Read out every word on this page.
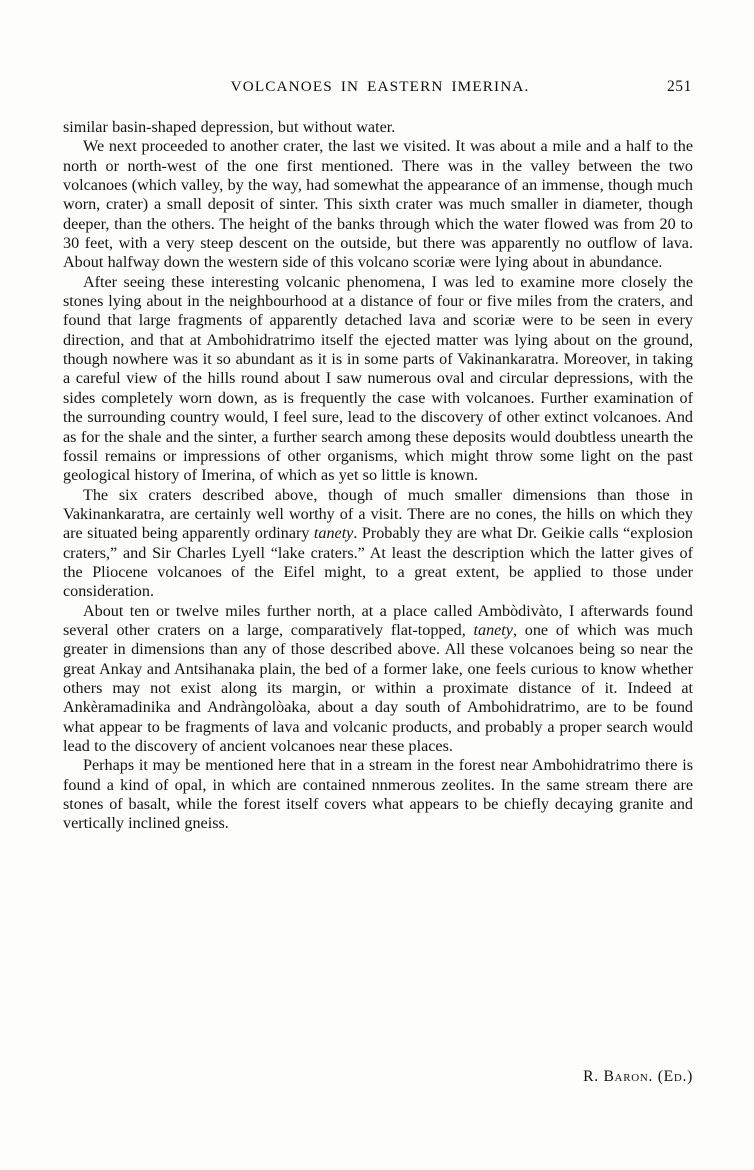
VOLCANOES IN EASTERN IMERINA.	251

similar basin-shaped depression, but without water.

We next proceeded to another crater, the last we visited. It was about a mile and a half to the north or north-west of the one first mentioned. There was in the valley between the two volcanoes (which valley, by the way, had somewhat the appearance of an immense, though much worn, crater) a small deposit of sinter. This sixth crater was much smaller in diameter, though deeper, than the others. The height of the banks through which the water flowed was from 20 to 30 feet, with a very steep descent on the outside, but there was apparently no outflow of lava. About halfway down the western side of this volcano scoriæ were lying about in abundance.

After seeing these interesting volcanic phenomena, I was led to examine more closely the stones lying about in the neighbourhood at a distance of four or five miles from the craters, and found that large fragments of apparently detached lava and scoriæ were to be seen in every direction, and that at Ambohidratrimo itself the ejected matter was lying about on the ground, though nowhere was it so abundant as it is in some parts of Vakinankaratra. Moreover, in taking a careful view of the hills round about I saw numerous oval and circular depressions, with the sides completely worn down, as is frequently the case with volcanoes. Further examination of the surrounding country would, I feel sure, lead to the discovery of other extinct volcanoes. And as for the shale and the sinter, a further search among these deposits would doubtless unearth the fossil remains or impressions of other organisms, which might throw some light on the past geological history of Imerina, of which as yet so little is known.

The six craters described above, though of much smaller dimensions than those in Vakinankaratra, are certainly well worthy of a visit. There are no cones, the hills on which they are situated being apparently ordinary tanety. Probably they are what Dr. Geikie calls “explosion craters,” and Sir Charles Lyell “lake craters.” At least the description which the latter gives of the Pliocene volcanoes of the Eifel might, to a great extent, be applied to those under consideration.

About ten or twelve miles further north, at a place called Ambòdivàto, I afterwards found several other craters on a large, comparatively flat-topped, tanety, one of which was much greater in dimensions than any of those described above. All these volcanoes being so near the great Ankay and Antsihanaka plain, the bed of a former lake, one feels curious to know whether others may not exist along its margin, or within a proximate distance of it. Indeed at Ankèramadinika and Andràngolòaka, about a day south of Ambohidratrimo, are to be found what appear to be fragments of lava and volcanic products, and probably a proper search would lead to the discovery of ancient volcanoes near these places.

Perhaps it may be mentioned here that in a stream in the forest near Ambohidratrimo there is found a kind of opal, in which are contained nnmerous zeolites. In the same stream there are stones of basalt, while the forest itself covers what appears to be chiefly decaying granite and vertically inclined gneiss.

R. Baron. (Ed.)
